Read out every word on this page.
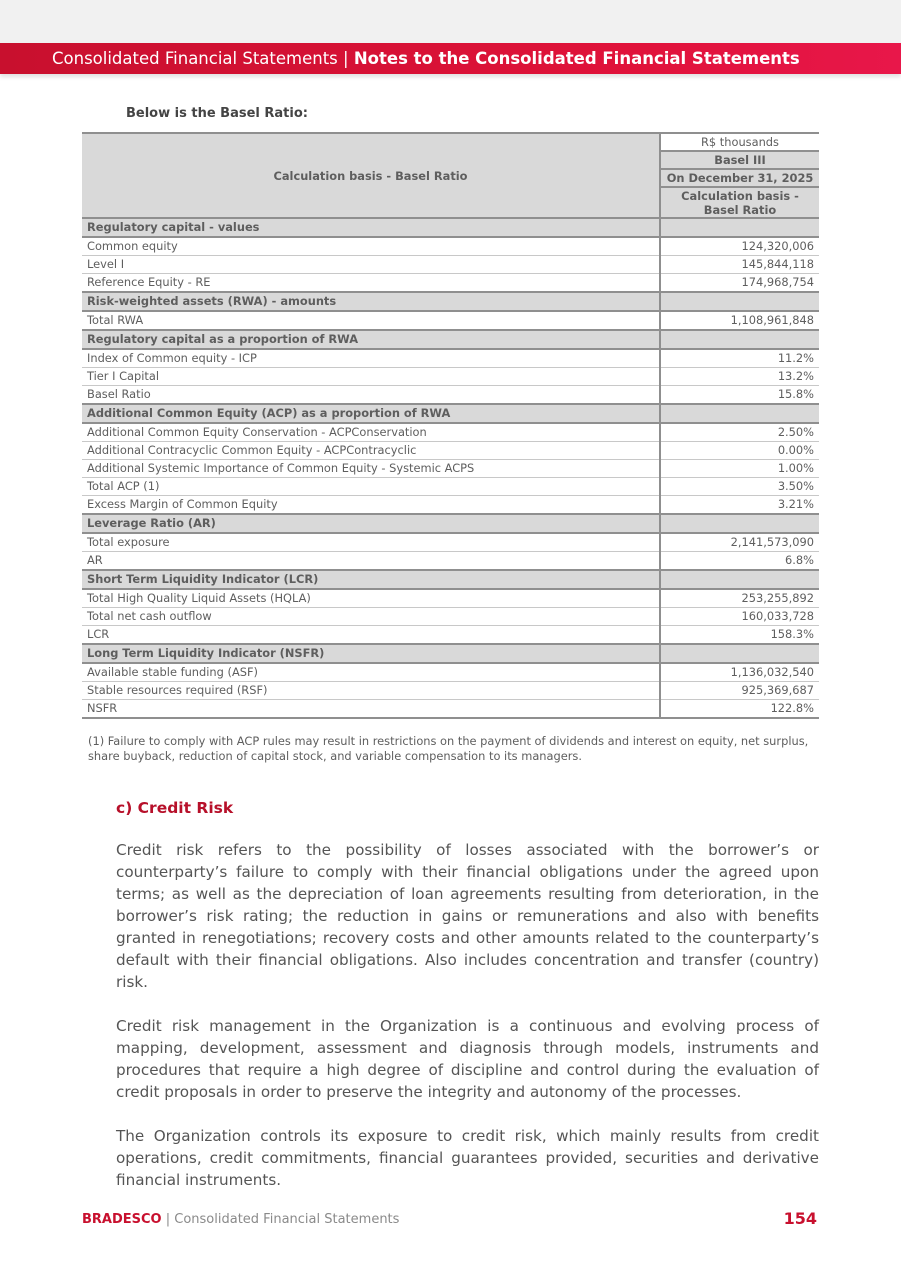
Consolidated Financial Statements | Notes to the Consolidated Financial Statements
Below is the Basel Ratio:
Calculation basis - Basel Ratio	R$ thousands
	Basel III
	On December 31, 2025
	Calculation basis - Basel Ratio
Regulatory capital - values	
Common equity	124,320,006
Level I	145,844,118
Reference Equity - RE	174,968,754
Risk-weighted assets (RWA) - amounts	
Total RWA	1,108,961,848
Regulatory capital as a proportion of RWA	
Index of Common equity - ICP	11.2%
Tier I Capital	13.2%
Basel Ratio	15.8%
Additional Common Equity (ACP) as a proportion of RWA	
Additional Common Equity Conservation - ACPConservation	2.50%
Additional Contracyclic Common Equity - ACPContracyclic	0.00%
Additional Systemic Importance of Common Equity - Systemic ACPS	1.00%
Total ACP (1)	3.50%
Excess Margin of Common Equity	3.21%
Leverage Ratio (AR)	
Total exposure	2,141,573,090
AR	6.8%
Short Term Liquidity Indicator (LCR)	
Total High Quality Liquid Assets (HQLA)	253,255,892
Total net cash outflow	160,033,728
LCR	158.3%
Long Term Liquidity Indicator (NSFR)	
Available stable funding (ASF)	1,136,032,540
Stable resources required (RSF)	925,369,687
NSFR	122.8%
(1) Failure to comply with ACP rules may result in restrictions on the payment of dividends and interest on equity, net surplus, share buyback, reduction of capital stock, and variable compensation to its managers.
c) Credit Risk

Credit risk refers to the possibility of losses associated with the borrower’s or counterparty’s failure to comply with their financial obligations under the agreed upon terms; as well as the depreciation of loan agreements resulting from deterioration, in the borrower’s risk rating; the reduction in gains or remunerations and also with benefits granted in renegotiations; recovery costs and other amounts related to the counterparty’s default with their financial obligations. Also includes concentration and transfer (country) risk.

Credit risk management in the Organization is a continuous and evolving process of mapping, development, assessment and diagnosis through models, instruments and procedures that require a high degree of discipline and control during the evaluation of credit proposals in order to preserve the integrity and autonomy of the processes.

The Organization controls its exposure to credit risk, which mainly results from credit operations, credit commitments, financial guarantees provided, securities and derivative financial instruments.

BRADESCO | Consolidated Financial Statements	154
